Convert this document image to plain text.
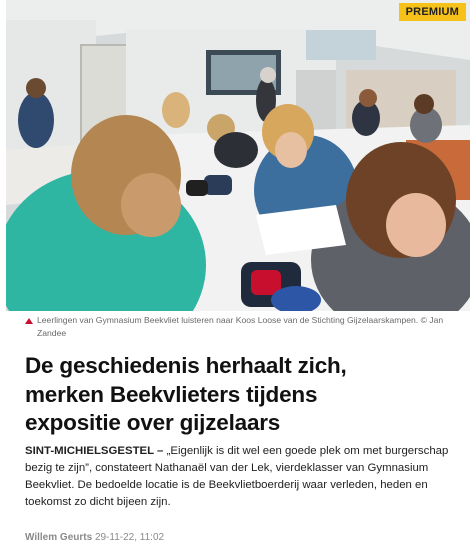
PREMIUM
Leerlingen van Gymnasium Beekvliet luisteren naar Koos Loose van de Stichting Gijzelaarskampen. © Jan Zandee
De geschiedenis herhaalt zich,
merken Beekvlieters tijdens
expositie over gijzelaars

SINT-MICHIELSGESTEL – „Eigenlijk is dit wel een goede plek om met burgerschap bezig te zijn”, constateert Nathanaël van der Lek, vierdeklasser van Gymnasium Beekvliet. De bedoelde locatie is de Beekvlietboerderij waar verleden, heden en toekomst zo dicht bijeen zijn.

Willem Geurts 29-11-22, 11:02
